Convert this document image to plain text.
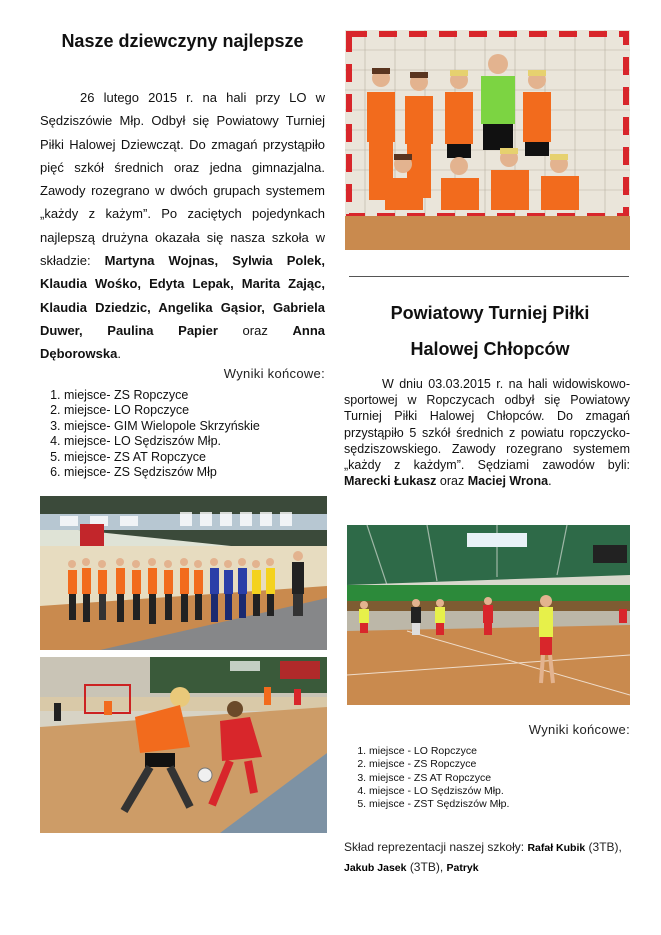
Nasze dziewczyny najlepsze
26 lutego 2015 r. na hali przy LO w Sędziszówie Młp. Odbył się Powiatowy Turniej Piłki Halowej Dziewcząt. Do zmagań przystąpiło pięć szkół średnich oraz jedna gimnazjalna. Zawody rozegrano w dwóch grupach systemem „każdy z każym”. Po zaciętych pojedynkach najlepszą drużyna okazała się nasza szkoła w składzie: Martyna Wojnas, Sylwia Polek, Klaudia Wośko, Edyta Lepak, Marita Zając, Klaudia Dziedzic, Angelika Gąsior, Gabriela Duwer, Paulina Papier oraz Anna Dęborowska.
Wyniki końcowe:
1. miejsce- ZS Ropczyce
2. miejsce- LO Ropczyce
3. miejsce- GIM Wielopole Skrzyńskie
4. miejsce- LO Sędziszów Młp.
5. miejsce- ZS AT Ropczyce
6. miejsce- ZS Sędziszów Młp
Powiatowy Turniej Piłki
Halowej Chłopców
W dniu 03.03.2015 r. na hali widowiskowo-sportowej w Ropczycach odbył się Powiatowy Turniej Piłki Halowej Chłopców. Do zmagań przystąpiło 5 szkół średnich z powiatu ropczycko-sędziszowskiego. Zawody rozegrano systemem „każdy z każdym”. Sędziami zawodów byli: Marecki Łukasz oraz Maciej Wrona.
Wyniki końcowe:
1. miejsce - LO Ropczyce
2. miejsce - ZS Ropczyce
3. miejsce - ZS AT Ropczyce
4. miejsce - LO Sędziszów Młp.
5. miejsce - ZST Sędziszów Młp.
Skład reprezentacji naszej szkoły: Rafał Kubik (3TB), Jakub Jasek (3TB), Patryk
